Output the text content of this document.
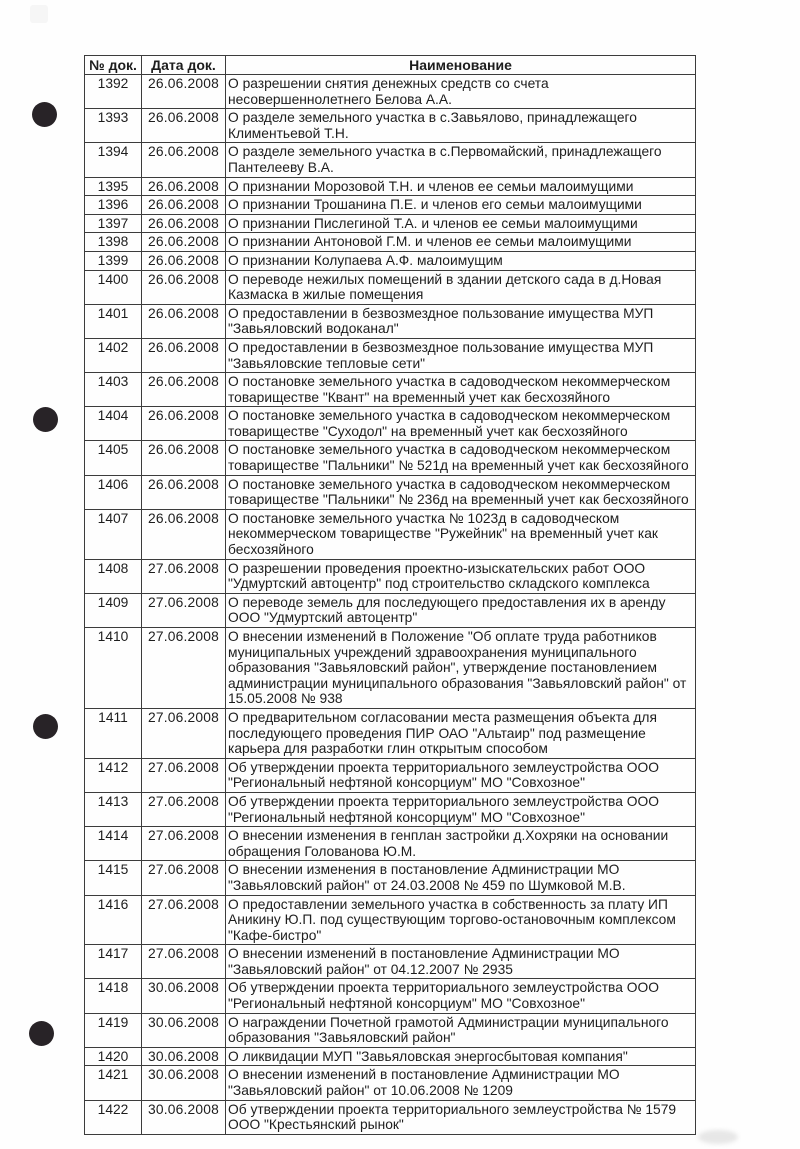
№ док.	Дата док.	Наименование
1392	26.06.2008	О разрешении снятия денежных средств со счета несовершеннолетнего Белова А.А.
1393	26.06.2008	О разделе земельного участка в с.Завьялово, принадлежащего Климентьевой Т.Н.
1394	26.06.2008	О разделе земельного участка в с.Первомайский, принадлежащего Пантелееву В.А.
1395	26.06.2008	О признании Морозовой Т.Н. и членов ее семьи малоимущими
1396	26.06.2008	О признании Трошанина П.Е. и членов его семьи малоимущими
1397	26.06.2008	О признании Пислегиной Т.А. и членов ее семьи малоимущими
1398	26.06.2008	О признании Антоновой Г.М. и членов ее семьи малоимущими
1399	26.06.2008	О признании Колупаева А.Ф. малоимущим
1400	26.06.2008	О переводе нежилых помещений в здании детского сада в д.Новая Казмаска в жилые помещения
1401	26.06.2008	О предоставлении в безвозмездное пользование имущества МУП "Завьяловский водоканал"
1402	26.06.2008	О предоставлении в безвозмездное пользование имущества МУП "Завьяловские тепловые сети"
1403	26.06.2008	О постановке земельного участка в садоводческом некоммерческом товариществе "Квант" на временный учет как бесхозяйного
1404	26.06.2008	О постановке земельного участка в садоводческом некоммерческом товариществе "Суходол" на временный учет как бесхозяйного
1405	26.06.2008	О постановке земельного участка в садоводческом некоммерческом товариществе "Пальники" № 521д на временный учет как бесхозяйного
1406	26.06.2008	О постановке земельного участка в садоводческом некоммерческом товариществе "Пальники" № 236д на временный учет как бесхозяйного
1407	26.06.2008	О постановке земельного участка № 1023д в садоводческом некоммерческом товариществе "Ружейник" на временный учет как бесхозяйного
1408	27.06.2008	О разрешении проведения проектно-изыскательских работ ООО "Удмуртский автоцентр" под строительство складского комплекса
1409	27.06.2008	О переводе земель для последующего предоставления их в аренду ООО "Удмуртский автоцентр"
1410	27.06.2008	О внесении изменений в Положение "Об оплате труда работников муниципальных учреждений здравоохранения муниципального образования "Завьяловский район", утверждение постановлением администрации муниципального образования "Завьяловский район" от 15.05.2008 № 938
1411	27.06.2008	О предварительном согласовании места размещения объекта для последующего проведения ПИР ОАО "Альтаир" под размещение карьера для разработки глин открытым способом
1412	27.06.2008	Об утверждении проекта территориального землеустройства ООО "Региональный нефтяной консорциум" МО "Совхозное"
1413	27.06.2008	Об утверждении проекта территориального землеустройства ООО "Региональный нефтяной консорциум" МО "Совхозное"
1414	27.06.2008	О внесении изменения в генплан застройки д.Хохряки на основании обращения Голованова Ю.М.
1415	27.06.2008	О внесении изменения в постановление Администрации МО "Завьяловский район" от 24.03.2008 № 459 по Шумковой М.В.
1416	27.06.2008	О предоставлении земельного участка в собственность за плату ИП Аникину Ю.П. под существующим торгово-остановочным комплексом "Кафе-бистро"
1417	27.06.2008	О внесении изменений в постановление Администрации МО "Завьяловский район" от 04.12.2007 № 2935
1418	30.06.2008	Об утверждении проекта территориального землеустройства ООО "Региональный нефтяной консорциум" МО "Совхозное"
1419	30.06.2008	О награждении Почетной грамотой Администрации муниципального образования "Завьяловский район"
1420	30.06.2008	О ликвидации МУП "Завьяловская энергосбытовая компания"
1421	30.06.2008	О внесении изменений в постановление Администрации МО "Завьяловский район" от 10.06.2008 № 1209
1422	30.06.2008	Об утверждении проекта территориального землеустройства № 1579 ООО "Крестьянский рынок"
